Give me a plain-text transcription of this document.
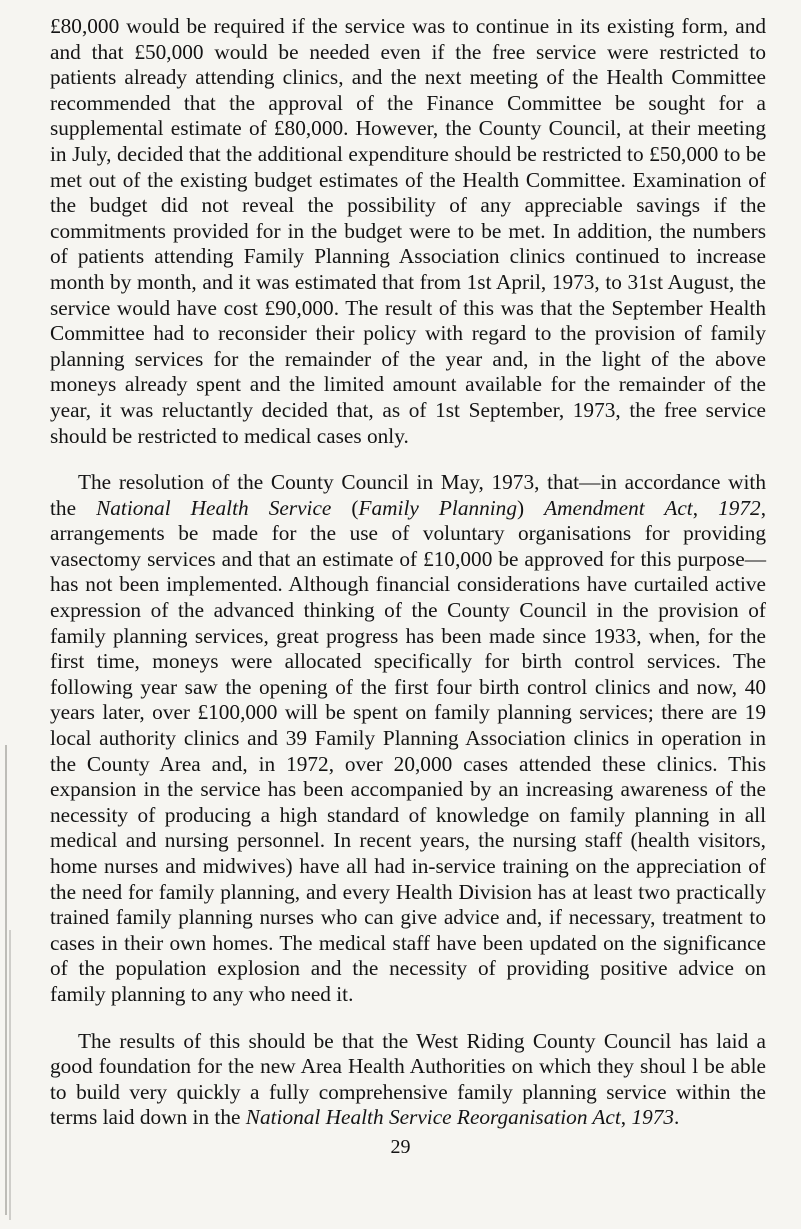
£80,000 would be required if the service was to continue in its existing form, and and that £50,000 would be needed even if the free service were restricted to patients already attending clinics, and the next meeting of the Health Committee recommended that the approval of the Finance Committee be sought for a supplemental estimate of £80,000. However, the County Council, at their meeting in July, decided that the additional expenditure should be restricted to £50,000 to be met out of the existing budget estimates of the Health Committee. Examination of the budget did not reveal the possibility of any appreciable savings if the commitments provided for in the budget were to be met. In addition, the numbers of patients attending Family Planning Association clinics continued to increase month by month, and it was estimated that from 1st April, 1973, to 31st August, the service would have cost £90,000. The result of this was that the September Health Committee had to reconsider their policy with regard to the provision of family planning services for the remainder of the year and, in the light of the above moneys already spent and the limited amount available for the remainder of the year, it was reluctantly decided that, as of 1st September, 1973, the free service should be restricted to medical cases only.

The resolution of the County Council in May, 1973, that—in accordance with the National Health Service (Family Planning) Amendment Act, 1972, arrangements be made for the use of voluntary organisations for providing vasectomy services and that an estimate of £10,000 be approved for this purpose—has not been implemented. Although financial considerations have curtailed active expression of the advanced thinking of the County Council in the provision of family planning services, great progress has been made since 1933, when, for the first time, moneys were allocated specifically for birth control services. The following year saw the opening of the first four birth control clinics and now, 40 years later, over £100,000 will be spent on family planning services; there are 19 local authority clinics and 39 Family Planning Association clinics in operation in the County Area and, in 1972, over 20,000 cases attended these clinics. This expansion in the service has been accompanied by an increasing awareness of the necessity of producing a high standard of knowledge on family planning in all medical and nursing personnel. In recent years, the nursing staff (health visitors, home nurses and midwives) have all had in-service training on the appreciation of the need for family planning, and every Health Division has at least two practically trained family planning nurses who can give advice and, if necessary, treatment to cases in their own homes. The medical staff have been updated on the significance of the population explosion and the necessity of providing positive advice on family planning to any who need it.

The results of this should be that the West Riding County Council has laid a good foundation for the new Area Health Authorities on which they shoul l be able to build very quickly a fully comprehensive family planning service within the terms laid down in the National Health Service Reorganisation Act, 1973.

29
